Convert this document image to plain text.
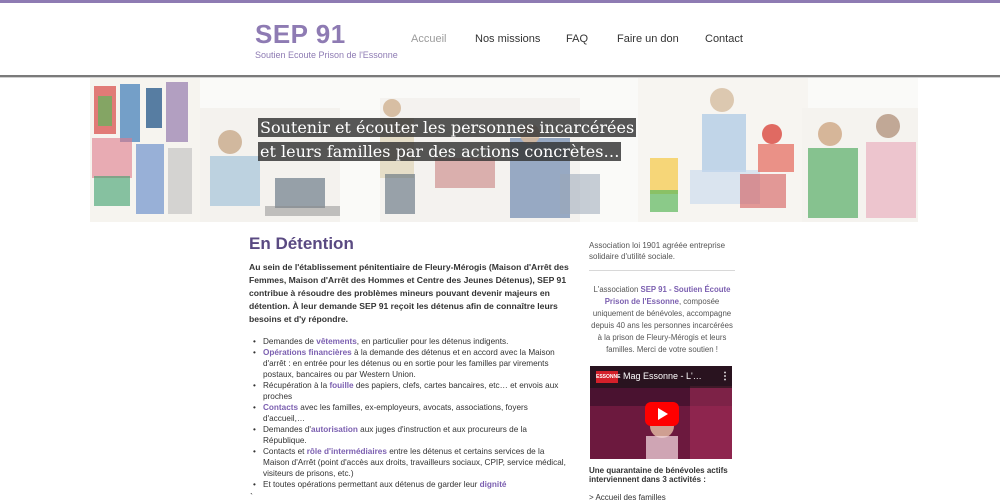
SEP 91
Soutien Ecoute Prison de l'Essonne
Accueil	Nos missions FAQ	Faire un don Contact
Soutenir et écouter les personnes incarcérées
et leurs familles par des actions concrètes…
En Détention

Au sein de l'établissement pénitentiaire de Fleury-Mérogis (Maison d'Arrêt des Femmes, Maison d'Arrêt des Hommes et Centre des Jeunes Détenus), SEP 91 contribue à résoudre des problèmes mineurs pouvant devenir majeurs en détention. À leur demande SEP 91 reçoit les détenus afin de connaître leurs besoins et d'y répondre.

• Demandes de vêtements, en particulier pour les détenus indigents.
• Opérations financières à la demande des détenus et en accord avec la Maison d'arrêt : en entrée pour les détenus ou en sortie pour les familles par virements postaux, bancaires ou par Western Union.
• Récupération à la fouille des papiers, clefs, cartes bancaires, etc… et envois aux proches
• Contacts avec les familles, ex-employeurs, avocats, associations, foyers d'accueil,…
• Demandes d'autorisation aux juges d'instruction et aux procureurs de la République.
• Contacts et rôle d'intermédiaires entre les détenus et certains services de la Maison d'Arrêt (point d'accès aux droits, travailleurs sociaux, CPIP, service médical, visiteurs de prisons, etc.)
• Et toutes opérations permettant aux détenus de garder leur dignité
`

Association loi 1901 agréée entreprise solidaire d'utilité sociale.

L'association SEP 91 - Soutien Écoute Prison de l'Essonne, composée uniquement de bénévoles, accompagne depuis 40 ans les personnes incarcérées à la prison de Fleury-Mérogis et leurs familles. Merci de votre soutien !

ESSONNE Mag Essonne - L'… ⋮
Une quarantaine de bénévoles actifs interviennent dans 3 activités :
> Accueil des familles
